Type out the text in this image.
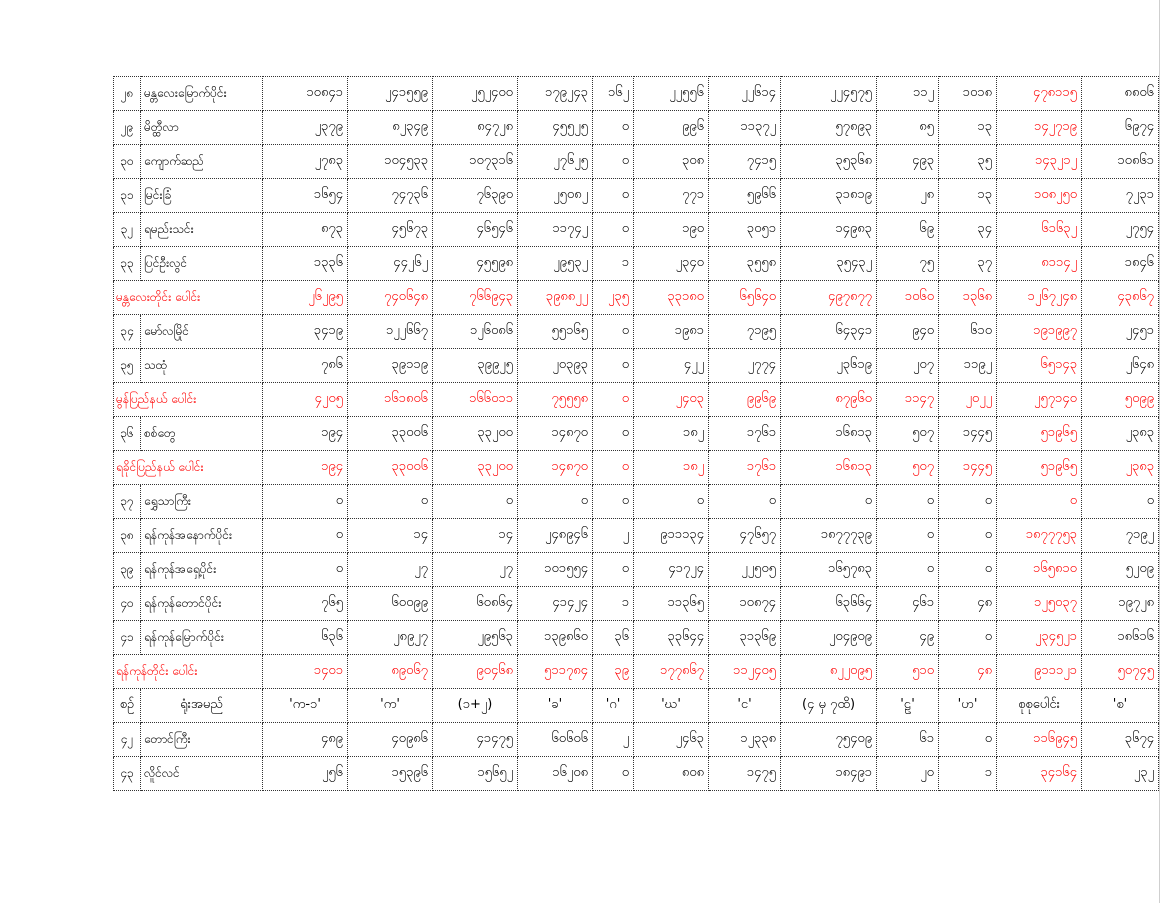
၂၈	မန္တလေးမြောက်ပိုင်း	၁၀၈၄၁	၂၄၁၅၅၉	၂၅၂၄၀၀	၁၇၉၂၄၃	၁၆၂	၂၂၅၅၆	၂၂၆၁၄	၂၂၄၅၇၅	၁၁၂	၁၀၁၈	၄၇၈၁၁၅	၈၈၀၆
၂၉	မိတ္ထီလာ	၂၃၇၉	၈၂၃၄၉	၈၄၇၂၈	၄၅၅၂၅	၀	၉၉၆	၁၁၃၇၂	၅၇၈၉၃	၈၅	၁၃	၁၄၂၇၁၉	၆၉၇၄
၃၀	ကျောက်ဆည်	၂၇၈၃	၁၀၄၅၃၃	၁၀၇၃၁၆	၂၇၆၂၅	၀	၃၀၈	၇၄၁၅	၃၅၃၆၈	၄၉၃	၃၅	၁၄၃၂၁၂	၁၀၈၆၁
၃၁	မြင်းခြံ	၁၆၅၄	၇၄၇၃၆	၇၆၃၉၀	၂၅၀၈၂	၀	၇၇၁	၅၉၆၆	၃၁၈၁၉	၂၈	၁၃	၁၀၈၂၅၀	၇၂၃၁
၃၂	ရမည်းသင်း	၈၇၃	၄၅၆၇၃	၄၆၅၄၆	၁၁၇၄၂	၀	၁၉၀	၃၀၅၁	၁၄၉၈၃	၆၉	၃၄	၆၁၆၃၂	၂၇၅၄
၃၃	ပြင်ဦးလွင်	၁၃၃၆	၄၄၂၆၂	၄၅၅၉၈	၂၉၅၃၂	၁	၂၃၄၀	၃၅၅၈	၃၅၄၃၂	၇၅	၃၇	၈၁၁၄၂	၁၈၄၆
မန္တလေးတိုင်း ပေါင်း		၂၆၂၉၅	၇၄၀၆၄၈	၇၆၆၉၄၃	၃၉၈၈၂၂	၂၃၅	၃၃၁၈၀	၆၅၆၄၀	၄၉၇၈၇၇	၁၀၆၀	၁၃၆၈	၁၂၆၇၂၄၈	၄၃၈၆၇
၃၄	မော်လမြိုင်	၃၄၁၉	၁၂၂၆၆၇	၁၂၆၀၈၆	၅၅၁၆၅	၀	၁၉၈၁	၇၁၉၅	၆၄၃၄၁	၉၄၀	၆၁၀	၁၉၁၉၉၇	၂၄၅၁
၃၅	သထုံ	၇၈၆	၃၉၁၁၉	၃၉၉၂၅	၂၀၃၉၃	၀	၄၂၂	၂၇၇၄	၂၃၆၁၉	၂၀၇	၁၁၉၂	၆၅၁၄၃	၂၆၄၈
မွန်ပြည်နယ် ပေါင်း		၄၂၀၅	၁၆၁၈၀၆	၁၆၆၀၁၁	၇၅၅၅၈	၀	၂၄၀၃	၉၉၆၉	၈၇၉၆၀	၁၁၄၇	၂၀၂၂	၂၅၇၁၄၀	၅၀၉၉
၃၆	စစ်တွေ	၁၉၄	၃၃၀၀၆	၃၃၂၀၀	၁၄၈၇၀	၀	၁၈၂	၁၇၆၁	၁၆၈၁၃	၅၀၇	၁၄၄၅	၅၁၉၆၅	၂၃၈၃
ရခိုင်ပြည်နယ် ပေါင်း		၁၉၄	၃၃၀၀၆	၃၃၂၀၀	၁၄၈၇၀	၀	၁၈၂	၁၇၆၁	၁၆၈၁၃	၅၀၇	၁၄၄၅	၅၁၉၆၅	၂၃၈၃
၃၇	ရွှေသာကြီး	၀	၀	၀	၀	၀	၀	၀	၀	၀	၀	၀	၀
၃၈	ရန်ကုန်အနောက်ပိုင်း	၀	၁၄	၁၄	၂၄၈၉၄၆	၂	၉၁၁၁၃၄	၄၇၆၅၇	၁၈၇၇၇၃၉	၀	၀	၁၈၇၇၇၅၃	၇၁၉၂
၃၉	ရန်ကုန်အရှေ့ပိုင်း	၀	၂၇	၂၇	၁၀၁၅၅၄	၀	၄၁၇၂၄	၂၂၅၀၅	၁၆၅၇၈၃	၀	၀	၁၆၅၈၁၀	၅၂၀၉
၄၀	ရန်ကုန်တောင်ပိုင်း	၇၆၅	၆၀၀၉၉	၆၀၈၆၄	၄၁၄၂၄	၁	၁၁၃၆၅	၁၀၈၇၄	၆၃၆၆၄	၄၆၁	၄၈	၁၂၅၀၃၇	၁၉၇၂၈
၄၁	ရန်ကုန်မြောက်ပိုင်း	၆၃၆	၂၈၉၂၇	၂၉၅၆၃	၁၃၉၈၆၀	၃၆	၃၃၆၄၄	၃၁၃၆၉	၂၀၄၉၀၉	၄၉	၀	၂၃၄၅၂၁	၁၈၆၁၆
ရန်ကုန်တိုင်း ပေါင်း		၁၄၀၁	၈၉၀၆၇	၉၀၄၆၈	၅၁၁၇၈၄	၃၉	၁၇၇၈၆၇	၁၁၂၄၀၅	၈၂၂၀၉၅	၅၁၀	၄၈	၉၁၁၁၂၁	၅၀၇၄၅
စဉ်	ရုံးအမည်	'က-၁'	'က'	(၁+၂)	'ခ'	'ဂ'	'ဃ'	'င'	(၄ မှ ၇ထိ)	'ဠ'	'ဟ'	စုစုပေါင်း	'စ'
၄၂	တောင်ကြီး	၄၈၉	၄၀၉၈၆	၄၁၄၇၅	၆၀၆၀၆	၂	၂၄၆၃	၁၂၃၃၈	၇၅၄၀၉	၆၁	၀	၁၁၆၉၄၅	၃၆၇၄
၄၃	လိူင်လင်	၂၅၆	၁၅၃၉၆	၁၅၆၅၂	၁၆၂၀၈	၀	၈၀၈	၁၄၇၅	၁၈၄၉၁	၂၀	၁	၃၄၁၆၄	၂၃၂
